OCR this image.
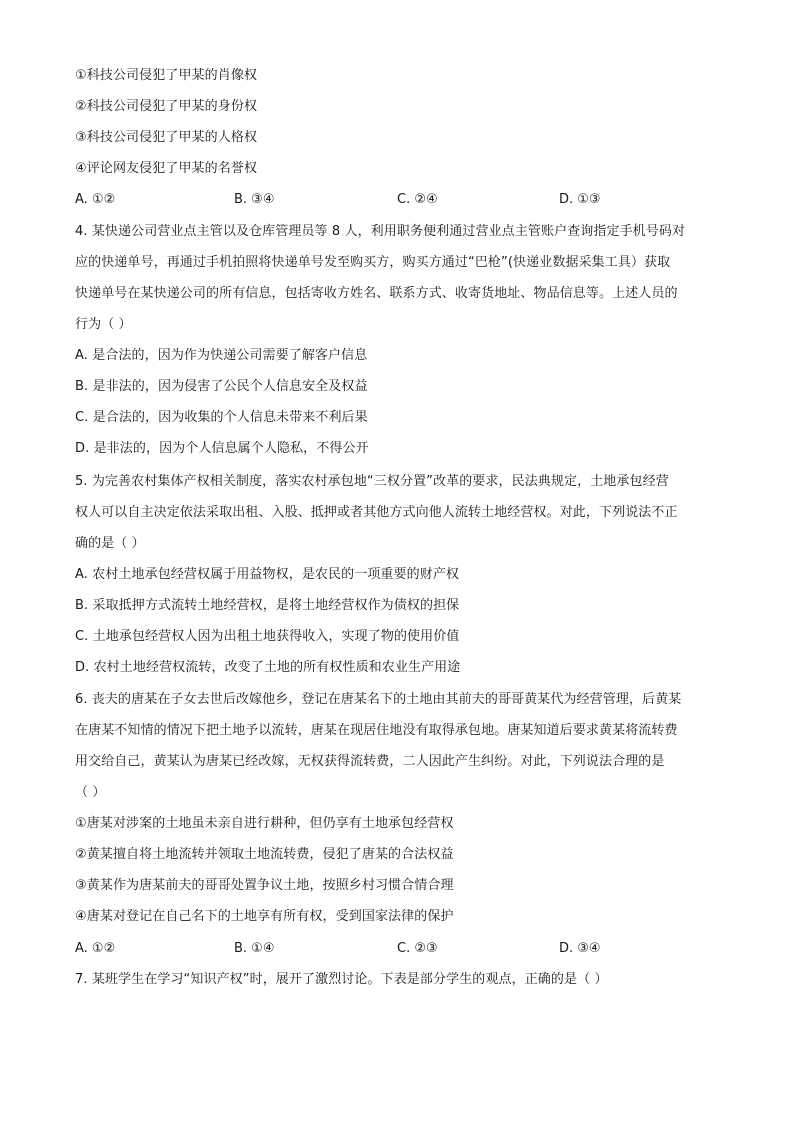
①科技公司侵犯了甲某的肖像权
②科技公司侵犯了甲某的身份权
③科技公司侵犯了甲某的人格权
④评论网友侵犯了甲某的名誉权
A. ①②	B. ③④	C. ②④	D. ①③
4. 某快递公司营业点主管以及仓库管理员等 8 人，利用职务便利通过营业点主管账户查询指定手机号码对
应的快递单号，再通过手机拍照将快递单号发至购买方，购买方通过“巴枪”(快递业数据采集工具）获取
快递单号在某快递公司的所有信息，包括寄收方姓名、联系方式、收寄货地址、物品信息等。上述人员的
行为（ ）
A. 是合法的，因为作为快递公司需要了解客户信息
B. 是非法的，因为侵害了公民个人信息安全及权益
C. 是合法的，因为收集的个人信息未带来不利后果
D. 是非法的，因为个人信息属个人隐私，不得公开
5. 为完善农村集体产权相关制度，落实农村承包地“三权分置”改革的要求，民法典规定，土地承包经营
权人可以自主决定依法采取出租、入股、抵押或者其他方式向他人流转土地经营权。对此，下列说法不正
确的是（ ）
A. 农村土地承包经营权属于用益物权，是农民的一项重要的财产权
B. 采取抵押方式流转土地经营权，是将土地经营权作为债权的担保
C. 土地承包经营权人因为出租土地获得收入，实现了物的使用价值
D. 农村土地经营权流转，改变了土地的所有权性质和农业生产用途
6. 丧夫的唐某在子女去世后改嫁他乡，登记在唐某名下的土地由其前夫的哥哥黄某代为经营管理，后黄某
在唐某不知情的情况下把土地予以流转，唐某在现居住地没有取得承包地。唐某知道后要求黄某将流转费
用交给自己，黄某认为唐某已经改嫁，无权获得流转费，二人因此产生纠纷。对此，下列说法合理的是
（ ）
①唐某对涉案的土地虽未亲自进行耕种，但仍享有土地承包经营权
②黄某擅自将土地流转并领取土地流转费，侵犯了唐某的合法权益
③黄某作为唐某前夫的哥哥处置争议土地，按照乡村习惯合情合理
④唐某对登记在自己名下的土地享有所有权，受到国家法律的保护
A. ①②	B. ①④	C. ②③	D. ③④
7. 某班学生在学习“知识产权”时，展开了激烈讨论。下表是部分学生的观点，正确的是（ ）
